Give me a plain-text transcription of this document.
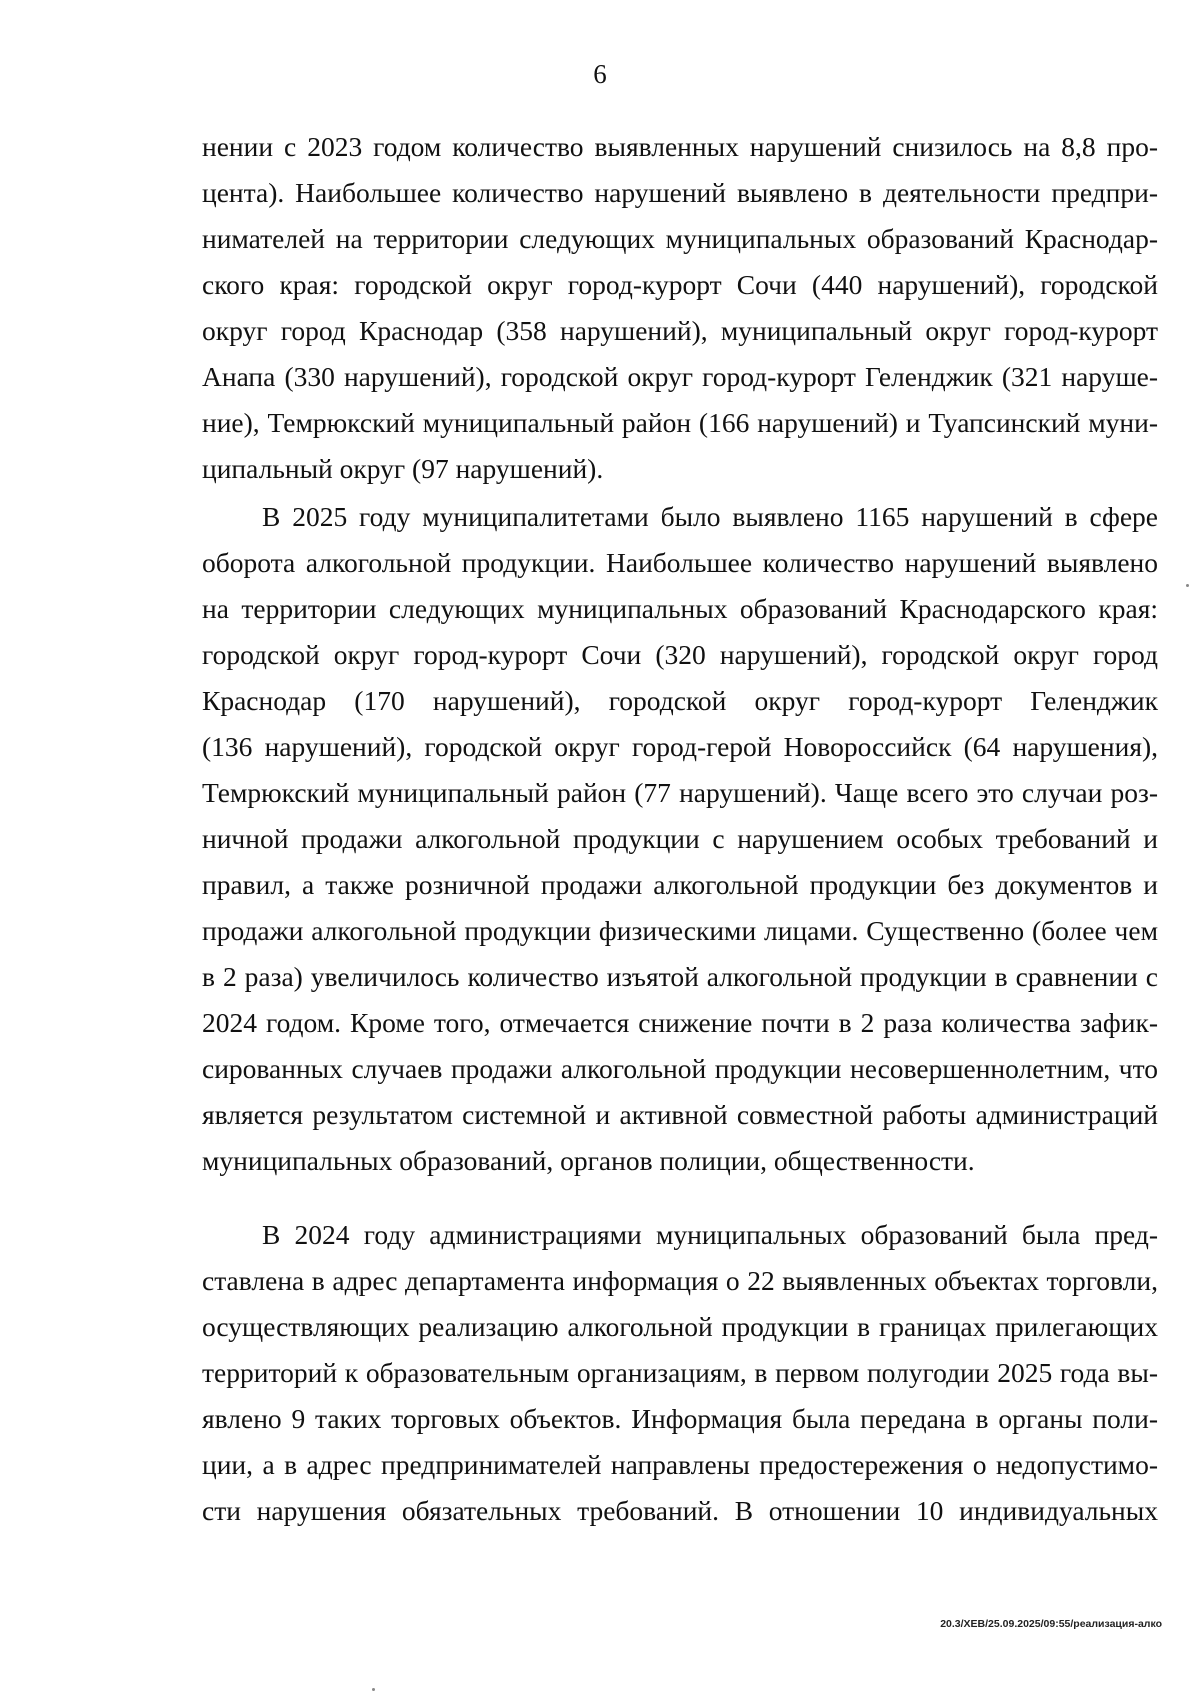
6
нении с 2023 годом количество выявленных нарушений снизилось на 8,8 про-
цента). Наибольшее количество нарушений выявлено в деятельности предпри-
нимателей на территории следующих муниципальных образований Краснодар-
ского края: городской округ город-курорт Сочи (440 нарушений), городской
округ город Краснодар (358 нарушений), муниципальный округ город-курорт
Анапа (330 нарушений), городской округ город-курорт Геленджик (321 наруше-
ние), Темрюкский муниципальный район (166 нарушений) и Туапсинский муни-
ципальный округ (97 нарушений).
В 2025 году муниципалитетами было выявлено 1165 нарушений в сфере
оборота алкогольной продукции. Наибольшее количество нарушений выявлено
на территории следующих муниципальных образований Краснодарского края:
городской округ город-курорт Сочи (320 нарушений), городской округ город
Краснодар (170 нарушений), городской округ город-курорт Геленджик
(136 нарушений), городской округ город-герой Новороссийск (64 нарушения),
Темрюкский муниципальный район (77 нарушений). Чаще всего это случаи роз-
ничной продажи алкогольной продукции с нарушением особых требований и
правил, а также розничной продажи алкогольной продукции без документов и
продажи алкогольной продукции физическими лицами. Существенно (более чем
в 2 раза) увеличилось количество изъятой алкогольной продукции в сравнении с
2024 годом. Кроме того, отмечается снижение почти в 2 раза количества зафик-
сированных случаев продажи алкогольной продукции несовершеннолетним, что
является результатом системной и активной совместной работы администраций
муниципальных образований, органов полиции, общественности.
В 2024 году администрациями муниципальных образований была пред-
ставлена в адрес департамента информация о 22 выявленных объектах торговли,
осуществляющих реализацию алкогольной продукции в границах прилегающих
территорий к образовательным организациям, в первом полугодии 2025 года вы-
явлено 9 таких торговых объектов. Информация была передана в органы поли-
ции, а в адрес предпринимателей направлены предостережения о недопустимо-
сти нарушения обязательных требований. В отношении 10 индивидуальных
20.3/ХЕВ/25.09.2025/09:55/реализация-алко
